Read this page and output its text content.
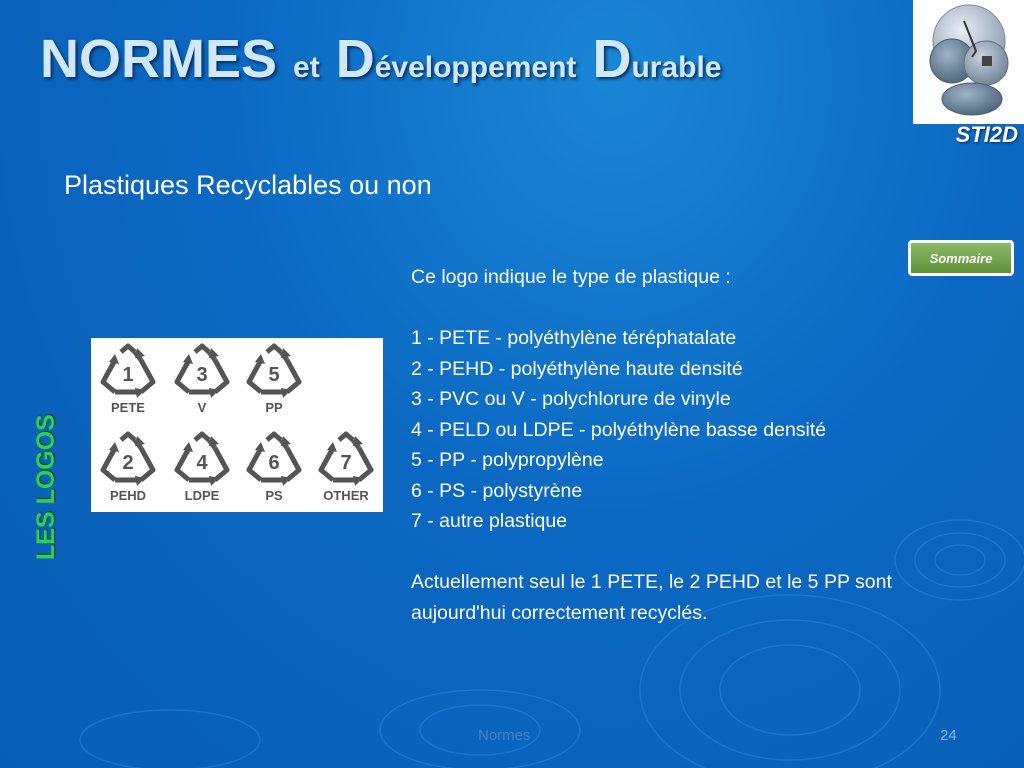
NORMES et Développement Durable
STI2D
Plastiques Recyclables ou non
Sommaire
LES LOGOS
1
PETE
3
V
5
PP
2
PEHD
4
LDPE
6
PS
7
OTHER

Ce logo indique le type de plastique :

1 - PETE - polyéthylène téréphatalate

2 - PEHD - polyéthylène haute densité

3 - PVC ou V - polychlorure de vinyle

4 - PELD ou LDPE - polyéthylène basse densité

5 - PP - polypropylène

6 - PS - polystyrène

7 - autre plastique

Actuellement seul le 1 PETE, le 2 PEHD et le 5 PP sont aujourd'hui correctement recyclés.

Normes	24
